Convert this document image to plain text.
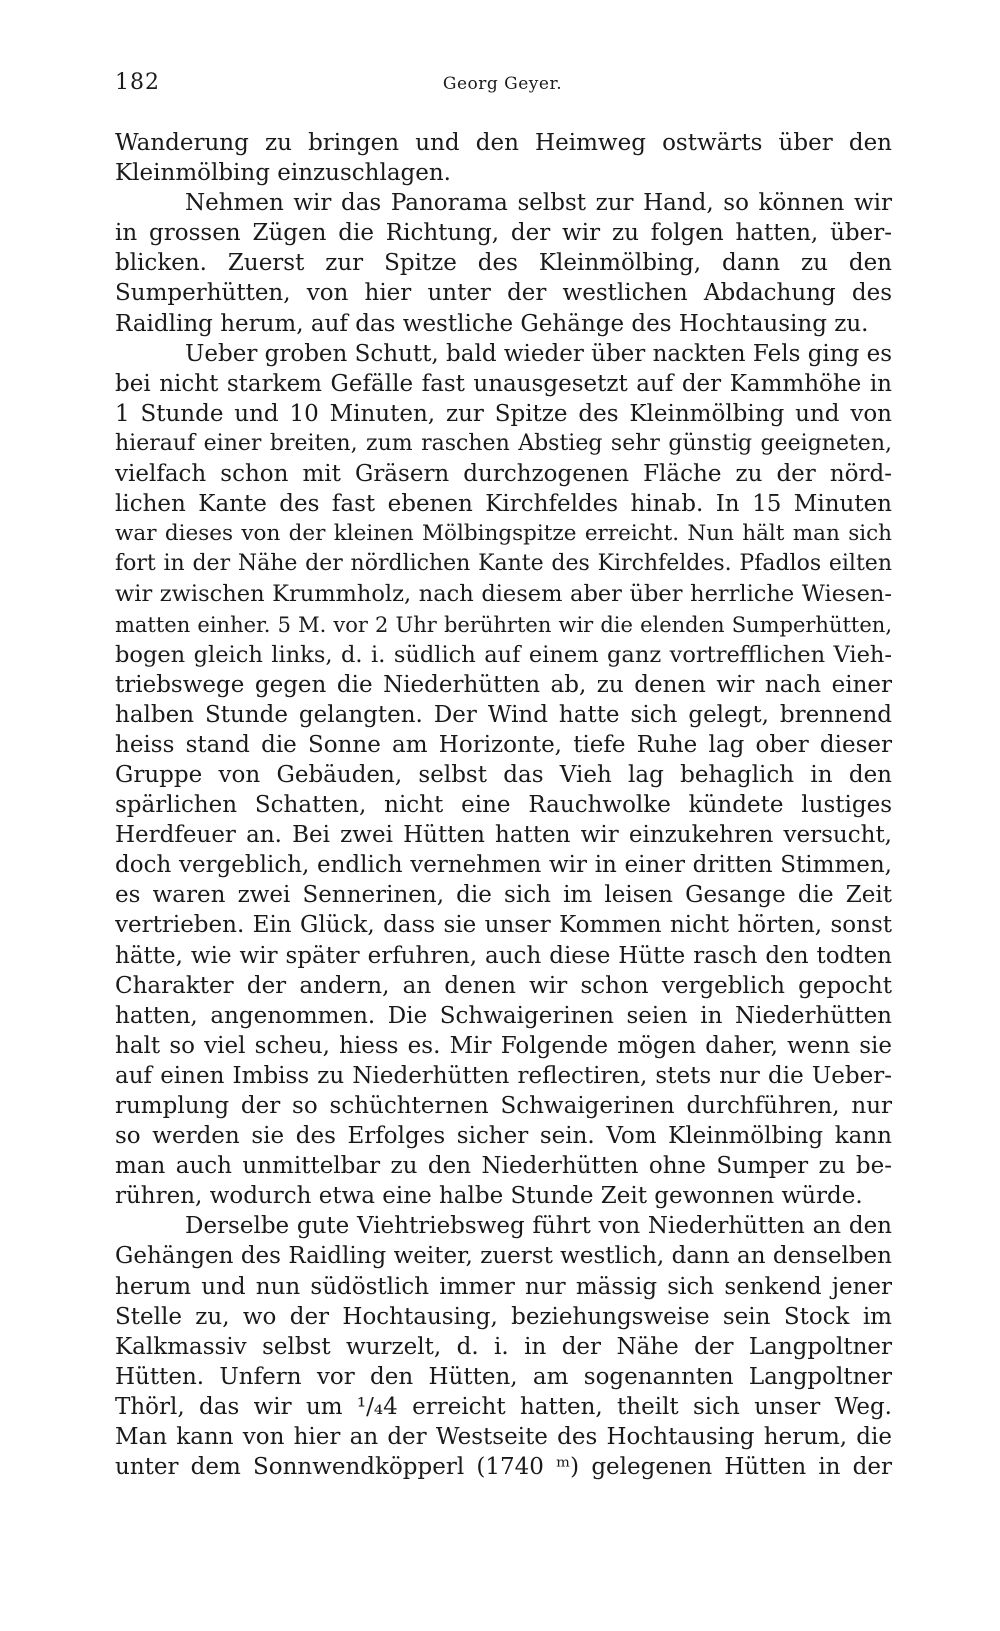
182	Georg Geyer.
Wanderung zu bringen und den Heimweg ostwärts über den
Kleinmölbing einzuschlagen.
Nehmen wir das Panorama selbst zur Hand, so können wir
in grossen Zügen die Richtung, der wir zu folgen hatten, über-
blicken. Zuerst zur Spitze des Kleinmölbing, dann zu den
Sumperhütten, von hier unter der westlichen Abdachung des
Raidling herum, auf das westliche Gehänge des Hochtausing zu.
Ueber groben Schutt, bald wieder über nackten Fels ging es
bei nicht starkem Gefälle fast unausgesetzt auf der Kammhöhe in
1 Stunde und 10 Minuten, zur Spitze des Kleinmölbing und von
hierauf einer breiten, zum raschen Abstieg sehr günstig geeigneten,
vielfach schon mit Gräsern durchzogenen Fläche zu der nörd-
lichen Kante des fast ebenen Kirchfeldes hinab. In 15 Minuten
war dieses von der kleinen Mölbingspitze erreicht. Nun hält man sich
fort in der Nähe der nördlichen Kante des Kirchfeldes. Pfadlos eilten
wir zwischen Krummholz, nach diesem aber über herrliche Wiesen-
matten einher. 5 M. vor 2 Uhr berührten wir die elenden Sumperhütten,
bogen gleich links, d. i. südlich auf einem ganz vortrefflichen Vieh-
triebswege gegen die Niederhütten ab, zu denen wir nach einer
halben Stunde gelangten. Der Wind hatte sich gelegt, brennend
heiss stand die Sonne am Horizonte, tiefe Ruhe lag ober dieser
Gruppe von Gebäuden, selbst das Vieh lag behaglich in den
spärlichen Schatten, nicht eine Rauchwolke kündete lustiges
Herdfeuer an. Bei zwei Hütten hatten wir einzukehren versucht,
doch vergeblich, endlich vernehmen wir in einer dritten Stimmen,
es waren zwei Sennerinen, die sich im leisen Gesange die Zeit
vertrieben. Ein Glück, dass sie unser Kommen nicht hörten, sonst
hätte, wie wir später erfuhren, auch diese Hütte rasch den todten
Charakter der andern, an denen wir schon vergeblich gepocht
hatten, angenommen. Die Schwaigerinen seien in Niederhütten
halt so viel scheu, hiess es. Mir Folgende mögen daher, wenn sie
auf einen Imbiss zu Niederhütten reflectiren, stets nur die Ueber-
rumplung der so schüchternen Schwaigerinen durchführen, nur
so werden sie des Erfolges sicher sein. Vom Kleinmölbing kann
man auch unmittelbar zu den Niederhütten ohne Sumper zu be-
rühren, wodurch etwa eine halbe Stunde Zeit gewonnen würde.
Derselbe gute Viehtriebsweg führt von Niederhütten an den
Gehängen des Raidling weiter, zuerst westlich, dann an denselben
herum und nun südöstlich immer nur mässig sich senkend jener
Stelle zu, wo der Hochtausing, beziehungsweise sein Stock im
Kalkmassiv selbst wurzelt, d. i. in der Nähe der Langpoltner
Hütten. Unfern vor den Hütten, am sogenannten Langpoltner
Thörl, das wir um ¹/₄4 erreicht hatten, theilt sich unser Weg.
Man kann von hier an der Westseite des Hochtausing herum, die
unter dem Sonnwendköpperl (1740 ᵐ) gelegenen Hütten in der
